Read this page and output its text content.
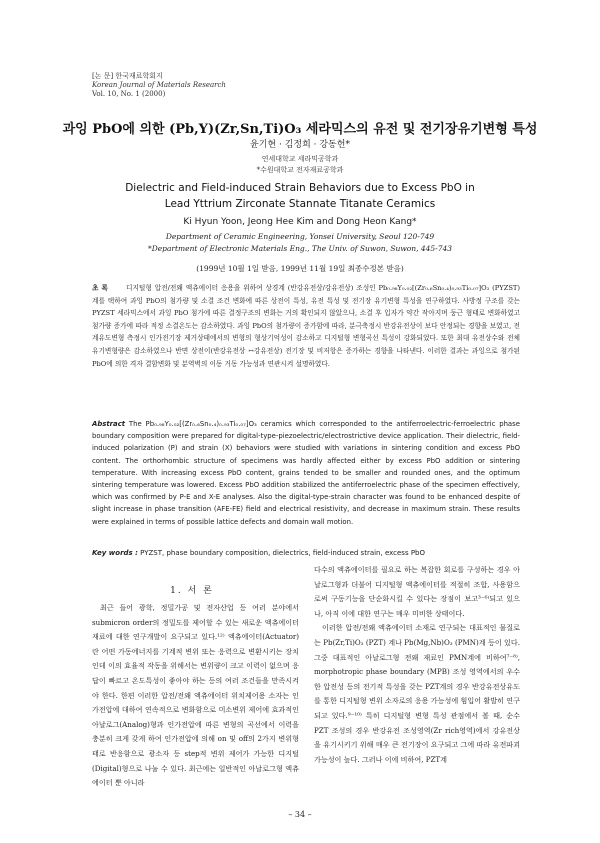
[논 문] 한국재료학회지
Korean Journal of Materials Research
Vol. 10, No. 1 (2000)
과잉 PbO에 의한 (Pb,Y)(Zr,Sn,Ti)O₃ 세라믹스의 유전 및 전기장유기변형 특성
윤기현 · 김정희 · 강동헌*
연세대학교 세라믹공학과
*수원대학교 전자재료공학과
Dielectric and Field-induced Strain Behaviors due to Excess PbO in
Lead Yttrium Zirconate Stannate Titanate Ceramics
Ki Hyun Yoon, Jeong Hee Kim and Dong Heon Kang*
Department of Ceramic Engineering, Yonsei University, Seoul 120-749
*Department of Electronic Materials Eng., The Univ. of Suwon, Suwon, 445-743
(1999년 10월 1일 받음, 1999년 11월 19일 최종수정본 받음)
초 록	디지털형 압전/전왜 액츄에이터 응용을 위하여 상경계 (반강유전상/강유전상) 조성인 Pb₀.₉₈Y₀.₀₂[(Zr₀.₆Sn₀.₄)₀.₉₃Ti₀.₀₇]O₃ (PYZST) 계를 택하여 과잉 PbO의 첨가량 및 소결 조건 변화에 따른 상전이 특성, 유전 특성 및 전기장 유기변형 특성을 연구하였다. 사방정 구조를 갖는 PYZST 세라믹스에서 과잉 PbO 첨가에 따른 결정구조의 변화는 거의 확인되지 않았으나, 소결 후 입자가 약간 작아지며 둥근 형태로 변화하였고 첨가량 증가에 따라 적정 소결온도는 감소하였다. 과잉 PbO의 첨가량이 증가함에 따라, 분극축정시 반강유전상이 보다 안정되는 경향을 보였고, 전계유도변형 측정시 인가전기장 제거상태에서의 변형의 형상기억성이 감소하고 디지털형 변형곡선 특성이 강화되었다. 또한 최대 유전상수와 전체 유기변형량은 감소하였으나 반면 상전이(반강유전상 ↔강유전상) 전기장 및 비저항은 증가하는 경향을 나타낸다. 이러한 결과는 과잉으로 첨가된 PbO에 의한 격자 결함변화 및 분역벽의 이동 거동 가능성과 연관시켜 설명하였다.
Abstract The Pb₀.₉₈Y₀.₀₂[(Zr₀.₆Sn₀.₄)₀.₉₃Ti₀.₀₇]O₃ ceramics which corresponded to the antiferroelectric-ferroelectric phase boundary composition were prepared for digital-type-piezoelectric/electrostrictive device application. Their dielectric, field-induced polarization (P) and strain (X) behaviors were studied with variations in sintering condition and excess PbO content. The orthorhombic structure of specimens was hardly affected either by excess PbO addition or sintering temperature. With increasing excess PbO content, grains tended to be smaller and rounded ones, and the optimum sintering temperature was lowered. Excess PbO addition stabilized the antiferroelectric phase of the specimen effectively, which was confirmed by P-E and X-E analyses. Also the digital-type-strain character was found to be enhanced despite of slight increase in phase transition (AFE-FE) field and electrical resistivity, and decrease in maximum strain. These results were explained in terms of possible lattice defects and domain wall motion.
Key words : PYZST, phase boundary composition, dielectrics, field-induced strain, excess PbO
1. 서 론
최근 들어 광학, 정밀가공 및 전자산업 등 여러 분야에서 submicron order의 정밀도를 제어할 수 있는 새로운 액츄에이터 재료에 대한 연구개발이 요구되고 있다.¹²⁾ 액츄에이터(Actuator)란 어떤 가동에너지를 기계적 변위 또는 응력으로 변환시키는 장치인데 이의 효율적 작동을 위해서는 변위량이 크고 이력이 없으며 응답이 빠르고 온도특성이 좋아야 하는 등의 여러 조건들을 만족시켜야 한다. 한편 이러한 압전/전왜 액츄에이터 위치제어용 소자는 인가전압에 대하여 연속적으로 변화함으로 미소변위 제어에 효과적인 아날로그(Analog)형과 인가전압에 따른 변형의 곡선에서 이력을 충분히 크게 갖게 하여 인가전압에 의해 on 및 off의 2가지 변위형태로 반응함으로 광소자 등 step적 변위 제어가 가능한 디지털(Digital)형으로 나눌 수 있다. 최근에는 일반적인 아날로그형 액츄에이터 뿐 아니라

다수의 액츄에이터를 필요로 하는 복잡한 회로를 구성하는 경우 아날로그형과 더불어 디지털형 액츄에이터를 적절히 조합, 사용함으로써 구동기능을 단순화시킬 수 있다는 장점이 보고³⁻⁶⁾되고 있으나, 아직 이에 대한 연구는 매우 미비한 상태이다.

이러한 압전/전왜 액츄에이터 소재로 연구되는 대표적인 물질로는 Pb(Zr,Ti)O₃ (PZT) 계나 Pb(Mg,Nb)O₃ (PMN)계 등이 있다. 그중 대표적인 아날로그형 전왜 재료인 PMN계에 비하여⁷⁻⁸⁾, morphotropic phase boundary (MPB) 조성 영역에서의 우수한 압전성 등의 전기적 특성을 갖는 PZT계의 경우 반강유전상유도를 통한 디지털형 변위 소자로의 응용 가능성에 힘입어 활발히 연구되고 있다.⁹⁻¹⁰⁾ 특히 디지털형 변형 특성 관점에서 볼 때, 순수 PZT 조성의 경우 반강유전 조성영역(Zr rich영역)에서 강유전상을 유기시키기 위해 매우 큰 전기장이 요구되고 그에 따라 유전파괴 가능성이 높다. 그러나 이에 비하여, PZT계

– 34 –
